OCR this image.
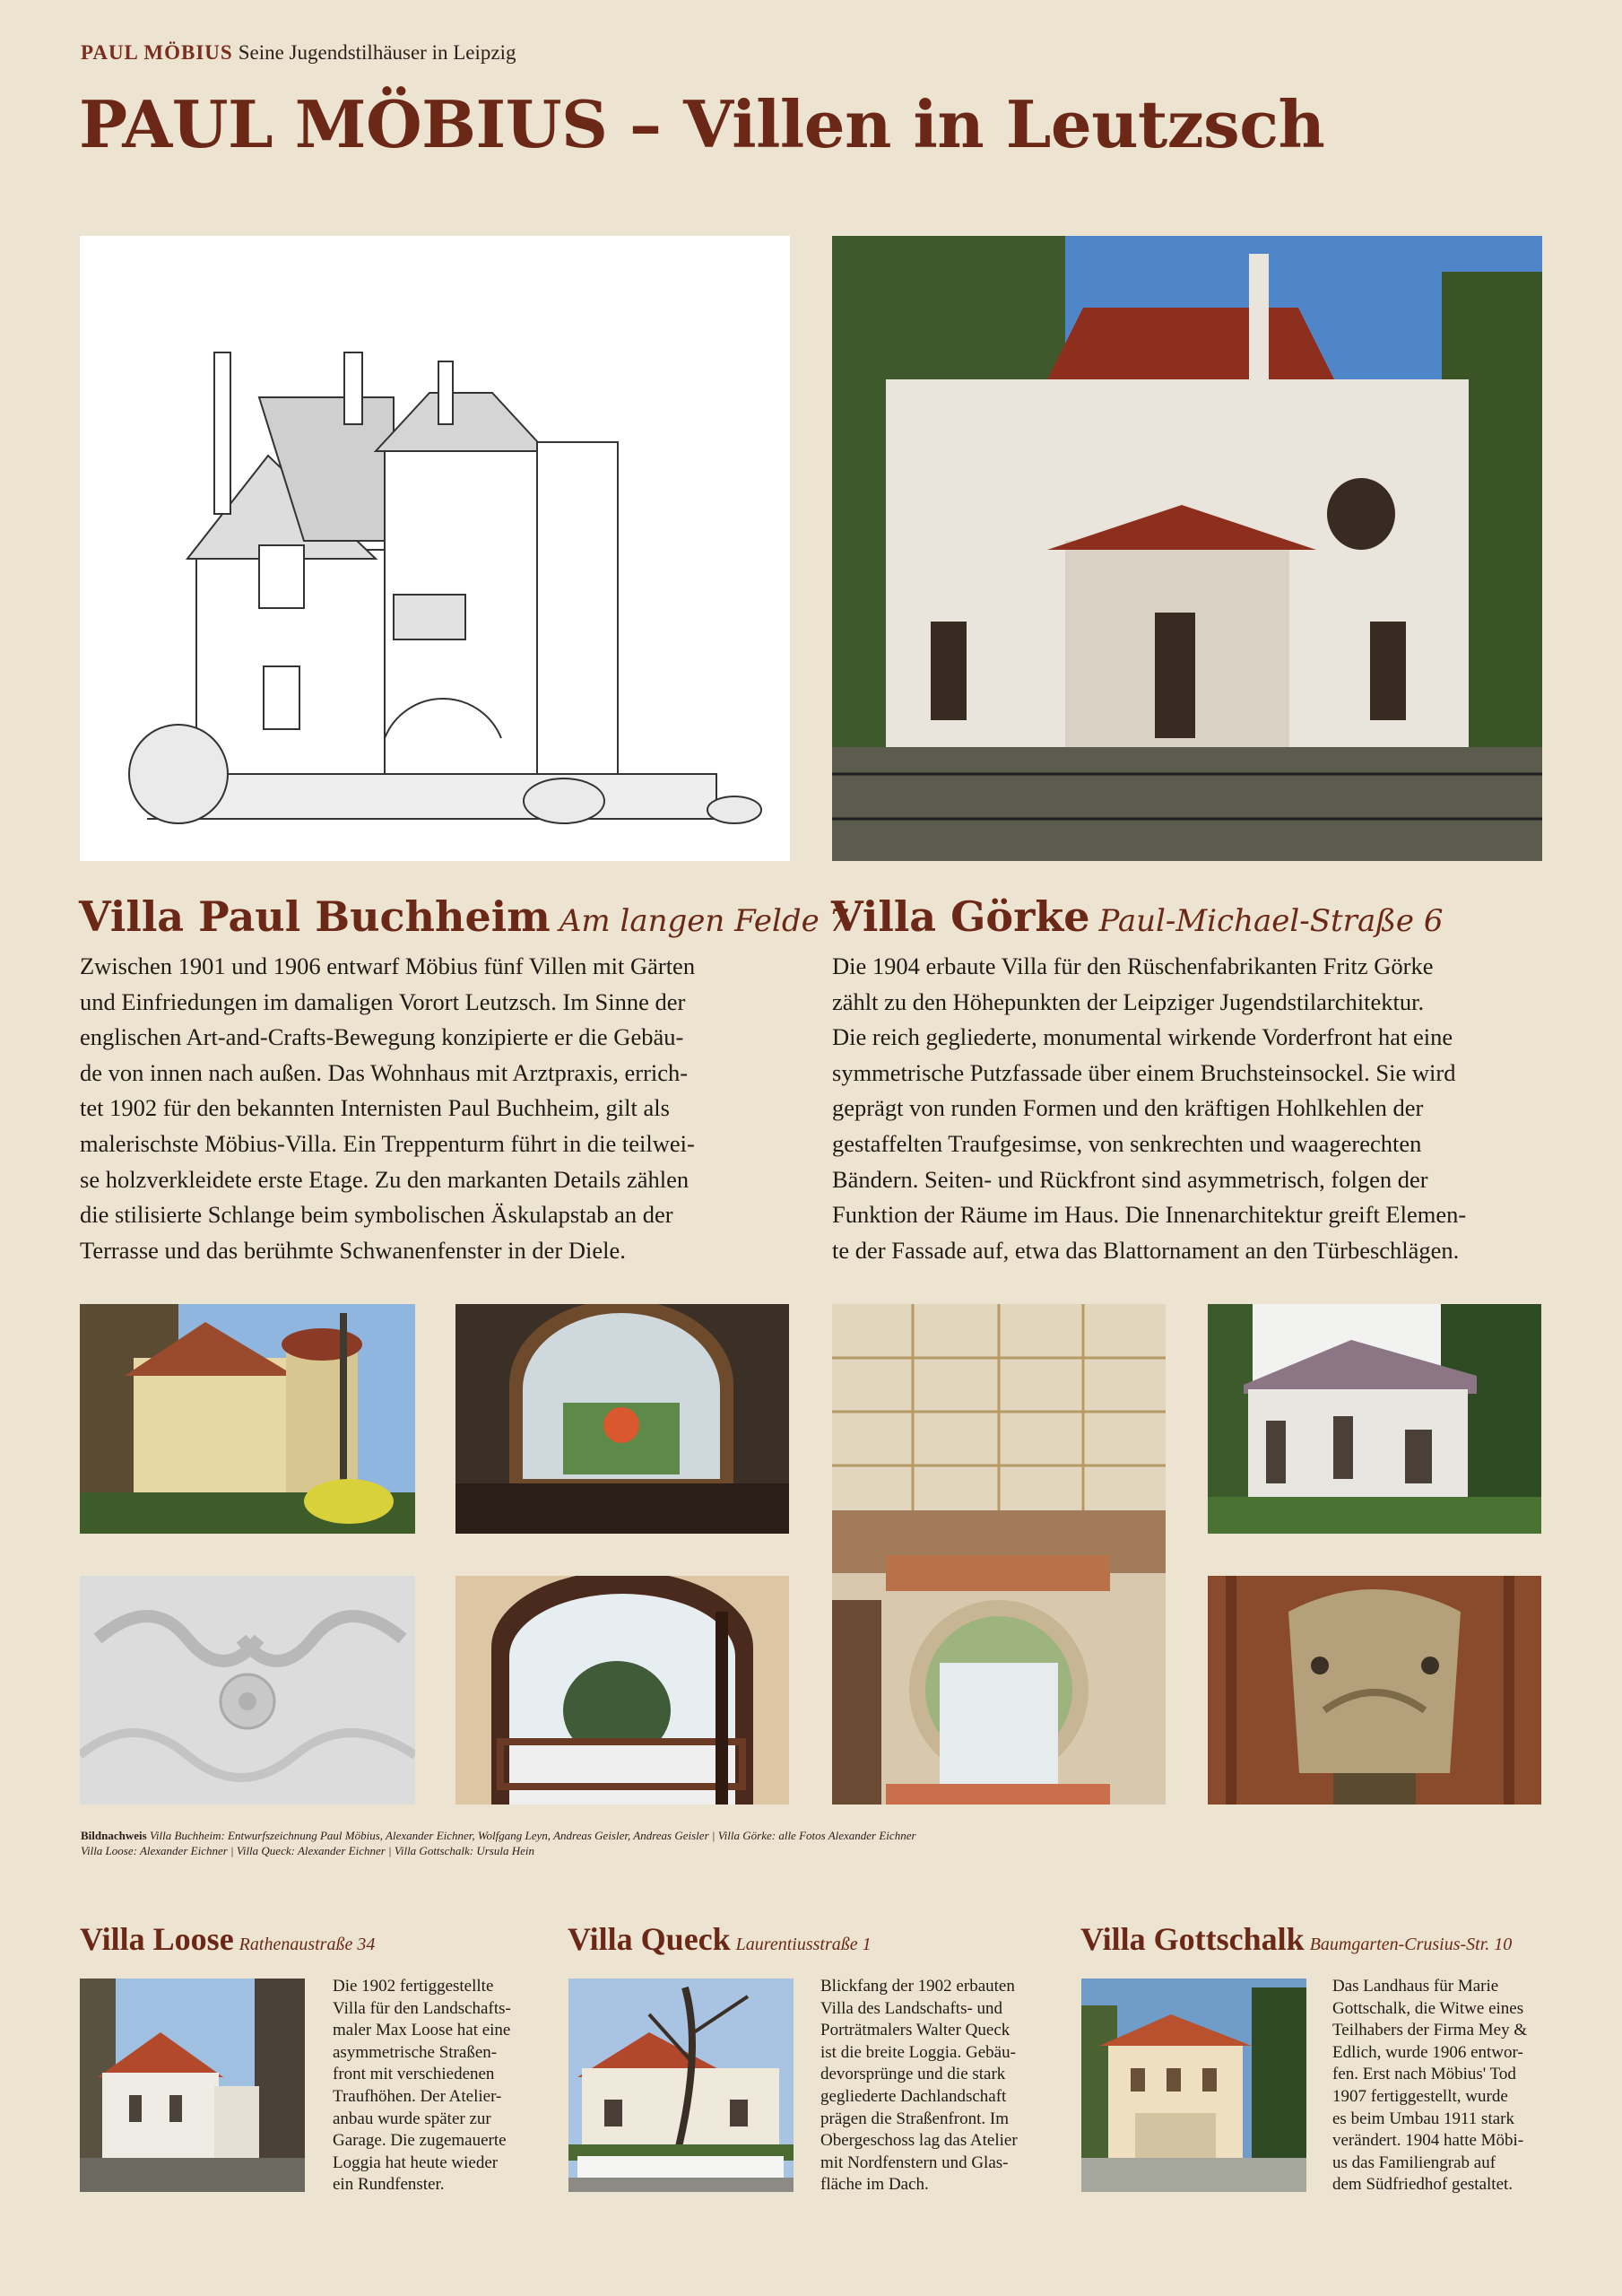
PAUL MÖBIUS Seine Jugendstilhäuser in Leipzig
PAUL MÖBIUS – Villen in Leutzsch
Villa Paul Buchheim Am langen Felde 7
Zwischen 1901 und 1906 entwarf Möbius fünf Villen mit Gärten
und Einfriedungen im damaligen Vorort Leutzsch. Im Sinne der
englischen Art-and-Crafts-Bewegung konzipierte er die Gebäu-
de von innen nach außen. Das Wohnhaus mit Arztpraxis, errich-
tet 1902 für den bekannten Internisten Paul Buchheim, gilt als
malerischste Möbius-Villa. Ein Treppenturm führt in die teilwei-
se holzverkleidete erste Etage. Zu den markanten Details zählen
die stilisierte Schlange beim symbolischen Äskulapstab an der
Terrasse und das berühmte Schwanenfenster in der Diele.
Villa Görke Paul-Michael-Straße 6
Die 1904 erbaute Villa für den Rüschenfabrikanten Fritz Görke
zählt zu den Höhepunkten der Leipziger Jugendstilarchitektur.
Die reich gegliederte, monumental wirkende Vorderfront hat eine
symmetrische Putzfassade über einem Bruchsteinsockel. Sie wird
geprägt von runden Formen und den kräftigen Hohlkehlen der
gestaffelten Traufgesimse, von senkrechten und waagerechten
Bändern. Seiten- und Rückfront sind asymmetrisch, folgen der
Funktion der Räume im Haus. Die Innenarchitektur greift Elemen-
te der Fassade auf, etwa das Blattornament an den Türbeschlägen.
Bildnachweis Villa Buchheim: Entwurfszeichnung Paul Möbius, Alexander Eichner, Wolfgang Leyn, Andreas Geisler, Andreas Geisler | Villa Görke: alle Fotos Alexander Eichner
Villa Loose: Alexander Eichner | Villa Queck: Alexander Eichner | Villa Gottschalk: Ursula Hein
Villa Loose Rathenaustraße 34
Die 1902 fertiggestellte
Villa für den Landschafts-
maler Max Loose hat eine
asymmetrische Straßen-
front mit verschiedenen
Traufhöhen. Der Atelier-
anbau wurde später zur
Garage. Die zugemauerte
Loggia hat heute wieder
ein Rundfenster.
Villa Queck Laurentiusstraße 1
Blickfang der 1902 erbauten
Villa des Landschafts- und
Porträtmalers Walter Queck
ist die breite Loggia. Gebäu-
devorsprünge und die stark
gegliederte Dachlandschaft
prägen die Straßenfront. Im
Obergeschoss lag das Atelier
mit Nordfenstern und Glas-
fläche im Dach.
Villa Gottschalk Baumgarten-Crusius-Str. 10
Das Landhaus für Marie
Gottschalk, die Witwe eines
Teilhabers der Firma Mey &
Edlich, wurde 1906 entwor-
fen. Erst nach Möbius' Tod
1907 fertiggestellt, wurde
es beim Umbau 1911 stark
verändert. 1904 hatte Möbi-
us das Familiengrab auf
dem Südfriedhof gestaltet.
